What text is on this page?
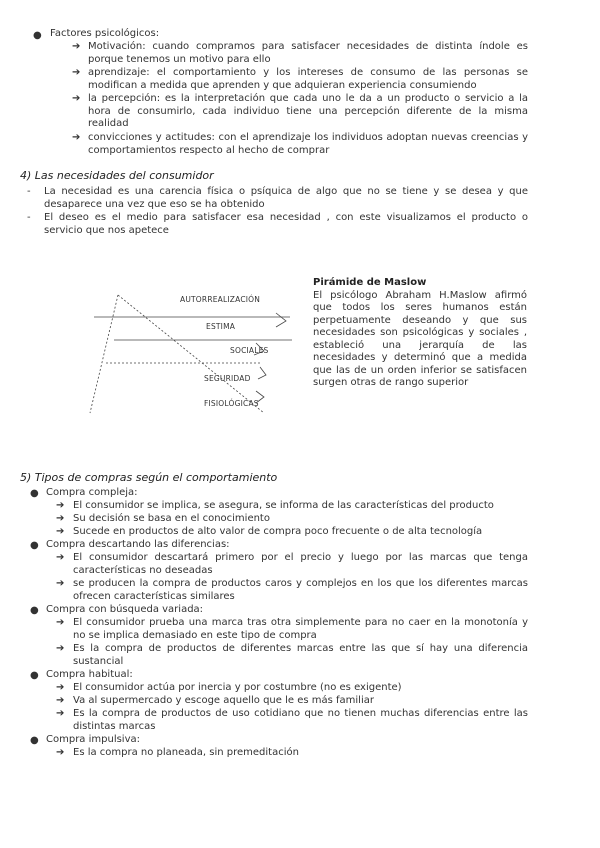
● Factores psicológicos:
➔ Motivación: cuando compramos para satisfacer necesidades de distinta índole es porque tenemos un motivo para ello
➔ aprendizaje: el comportamiento y los intereses de consumo de las personas se modifican a medida que aprenden y que adquieran experiencia consumiendo
➔ la percepción: es la interpretación que cada uno le da a un producto o servicio a la hora de consumirlo, cada individuo tiene una percepción diferente de la misma realidad
➔ convicciones y actitudes: con el aprendizaje los individuos adoptan nuevas creencias y comportamientos respecto al hecho de comprar
4) Las necesidades del consumidor
- La necesidad es una carencia física o psíquica de algo que no se tiene y se desea y que desaparece una vez que eso se ha obtenido
- El deseo es el medio para satisfacer esa necesidad , con este visualizamos el producto o servicio que nos apetece
AUTORREALIZACIÓN
ESTIMA
SOCIALES
SEGURIDAD
FISIOLÓGICAS
Pirámide de Maslow
El psicólogo Abraham H.Maslow afirmó que todos los seres humanos están perpetuamente deseando y que sus necesidades son psicológicas y sociales , estableció una jerarquía de las necesidades y determinó que a medida que las de un orden inferior se satisfacen surgen otras de rango superior
5) Tipos de compras según el comportamiento
● Compra compleja:
➔ El consumidor se implica, se asegura, se informa de las características del producto
➔ Su decisión se basa en el conocimiento
➔ Sucede en productos de alto valor de compra poco frecuente o de alta tecnología
● Compra descartando las diferencias:
➔ El consumidor descartará primero por el precio y luego por las marcas que tenga características no deseadas
➔ se producen la compra de productos caros y complejos en los que los diferentes marcas ofrecen características similares
● Compra con búsqueda variada:
➔ El consumidor prueba una marca tras otra simplemente para no caer en la monotonía y no se implica demasiado en este tipo de compra
➔ Es la compra de productos de diferentes marcas entre las que sí hay una diferencia sustancial
● Compra habitual:
➔ El consumidor actúa por inercia y por costumbre (no es exigente)
➔ Va al supermercado y escoge aquello que le es más familiar
➔ Es la compra de productos de uso cotidiano que no tienen muchas diferencias entre las distintas marcas
● Compra impulsiva:
➔ Es la compra no planeada, sin premeditación
